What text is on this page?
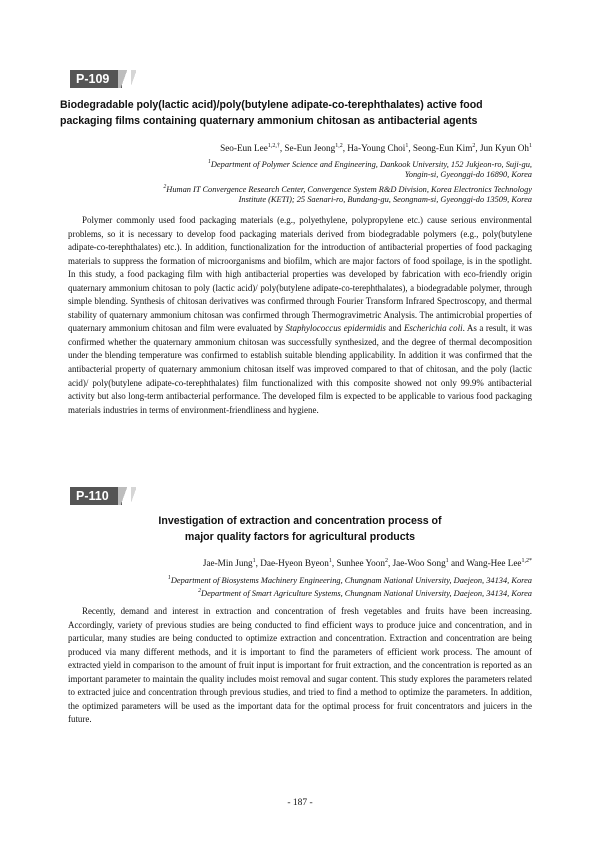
P-109
Biodegradable poly(lactic acid)/poly(butylene adipate-co-terephthalates) active food
packaging films containing quaternary ammonium chitosan as antibacterial agents
Seo-Eun Lee$^{1,2,\dagger}$, Se-Eun Jeong$^{1,2}$, Ha-Young Choi$^1$, Seong-Eun Kim$^2$, Jun Kyun Oh$^1$
$^1$Department of Polymer Science and Engineering, Dankook University, 152 Jukjeon-ro, Suji-gu,
Yongin-si, Gyeonggi-do 16890, Korea
$^2$Human IT Convergence Research Center, Convergence System R&D Division, Korea Electronics Technology
Institute (KETI); 25 Saenari-ro, Bundang-gu, Seongnam-si, Gyeonggi-do 13509, Korea

Polymer commonly used food packaging materials (e.g., polyethylene, polypropylene etc.) cause serious environmental problems, so it is necessary to develop food packaging materials derived from biodegradable polymers (e.g., poly(butylene adipate-co-terephthalates) etc.). In addition, functionalization for the introduction of antibacterial properties of food packaging materials to suppress the formation of microorganisms and biofilm, which are major factors of food spoilage, is in the spotlight. In this study, a food packaging film with high antibacterial properties was developed by fabrication with eco-friendly origin quaternary ammonium chitosan to poly (lactic acid)/ poly(butylene adipate-co-terephthalates), a biodegradable polymer, through simple blending. Synthesis of chitosan derivatives was confirmed through Fourier Transform Infrared Spectroscopy, and thermal stability of quaternary ammonium chitosan was confirmed through Thermogravimetric Analysis. The antimicrobial properties of quaternary ammonium chitosan and film were evaluated by Staphylococcus epidermidis and Escherichia coli. As a result, it was confirmed whether the quaternary ammonium chitosan was successfully synthesized, and the degree of thermal decomposition under the blending temperature was confirmed to establish suitable blending applicability. In addition it was confirmed that the antibacterial property of quaternary ammonium chitosan itself was improved compared to that of chitosan, and the poly (lactic acid)/ poly(butylene adipate-co-terephthalates) film functionalized with this composite showed not only 99.9% antibacterial activity but also long-term antibacterial performance. The developed film is expected to be applicable to various food packaging materials industries in terms of environment-friendliness and hygiene.

P-110
Investigation of extraction and concentration process of
major quality factors for agricultural products
Jae-Min Jung$^1$, Dae-Hyeon Byeon$^1$, Sunhee Yoon$^2$, Jae-Woo Song$^1$ and Wang-Hee Lee$^{1,2*}$
$^1$Department of Biosystems Machinery Engineering, Chungnam National University, Daejeon, 34134, Korea
$^2$Department of Smart Agriculture Systems, Chungnam National University, Daejeon, 34134, Korea

Recently, demand and interest in extraction and concentration of fresh vegetables and fruits have been increasing. Accordingly, variety of previous studies are being conducted to find efficient ways to produce juice and concentration, and in particular, many studies are being conducted to optimize extraction and concentration. Extraction and concentration are being produced via many different methods, and it is important to find the parameters of efficient work process. The amount of extracted yield in comparison to the amount of fruit input is important for fruit extraction, and the concentration is reported as an important parameter to maintain the quality includes moist removal and sugar content. This study explores the parameters related to extracted juice and concentration through previous studies, and tried to find a method to optimize the parameters. In addition, the optimized parameters will be used as the important data for the optimal process for fruit concentrators and juicers in the future.

- 187 -
